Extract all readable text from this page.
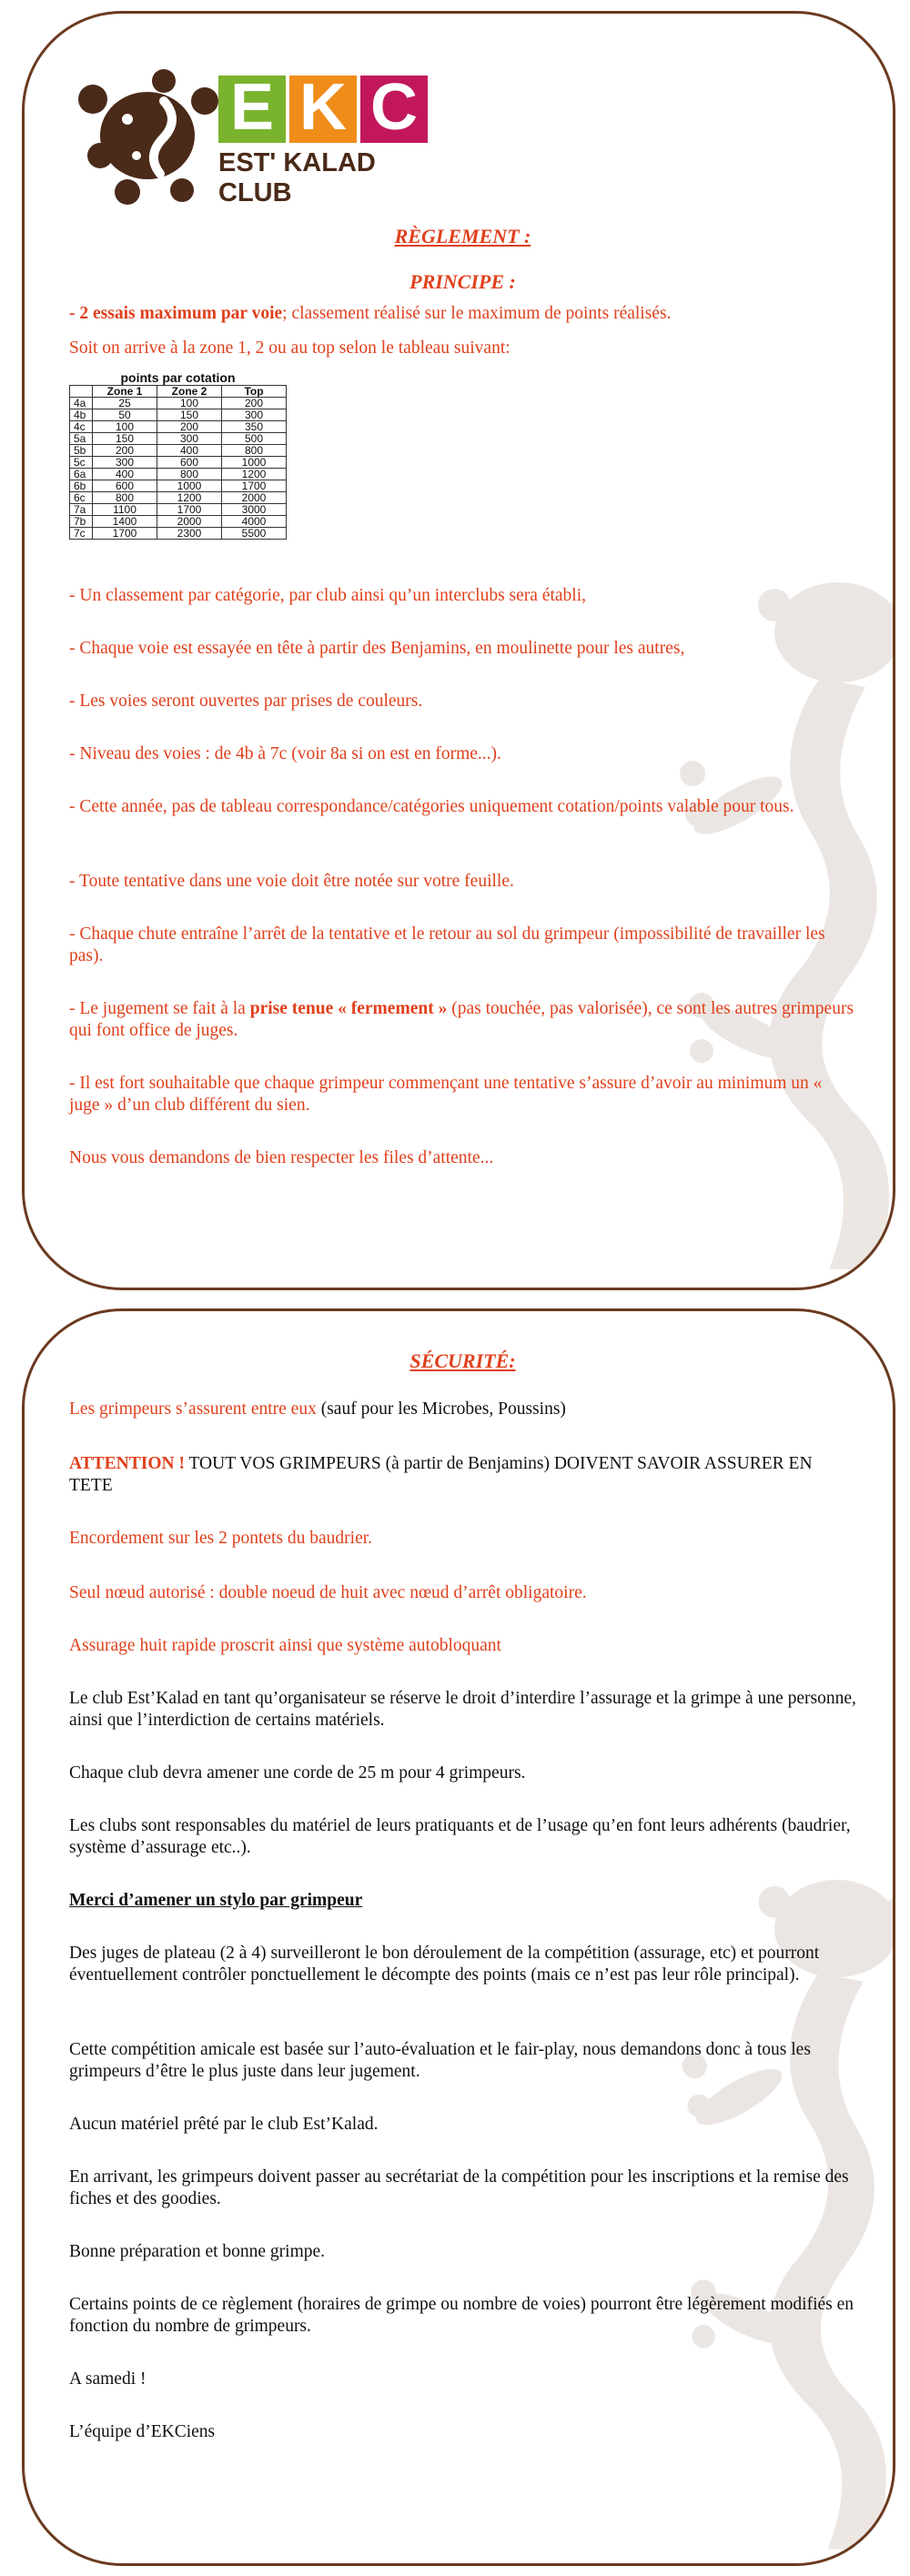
E K C
EST' KALAD CLUB
RÈGLEMENT :
PRINCIPE :

- 2 essais maximum par voie; classement réalisé sur le maximum de points réalisés.

Soit on arrive à la zone 1, 2 ou au top selon le tableau suivant:

points par cotation
	Zone 1	Zone 2	Top
4a	25	100	200
4b	50	150	300
4c	100	200	350
5a	150	300	500
5b	200	400	800
5c	300	600	1000
6a	400	800	1200
6b	600	1000	1700
6c	800	1200	2000
7a	1100	1700	3000
7b	1400	2000	4000
7c	1700	2300	5500

- Un classement par catégorie, par club ainsi qu’un interclubs sera établi,

- Chaque voie est essayée en tête à partir des Benjamins, en moulinette pour les autres,

- Les voies seront ouvertes par prises de couleurs.

- Niveau des voies : de 4b à 7c (voir 8a si on est en forme...).

- Cette année, pas de tableau correspondance/catégories uniquement cotation/points valable pour tous.

- Toute tentative dans une voie doit être notée sur votre feuille.

- Chaque chute entraîne l’arrêt de la tentative et le retour au sol du grimpeur (impossibilité de travailler les pas).

- Le jugement se fait à la prise tenue « fermement » (pas touchée, pas valorisée), ce sont les autres grimpeurs qui font office de juges.

- Il est fort souhaitable que chaque grimpeur commençant une tentative s’assure d’avoir au minimum un « juge » d’un club différent du sien.

Nous vous demandons de bien respecter les files d’attente...

SÉCURITÉ:

Les grimpeurs s’assurent entre eux (sauf pour les Microbes, Poussins)

ATTENTION ! TOUT VOS GRIMPEURS (à partir de Benjamins) DOIVENT SAVOIR ASSURER EN TETE

Encordement sur les 2 pontets du baudrier.

Seul nœud autorisé : double noeud de huit avec nœud d’arrêt obligatoire.

Assurage huit rapide proscrit ainsi que système autobloquant

Le club Est’Kalad en tant qu’organisateur se réserve le droit d’interdire l’assurage et la grimpe à une personne, ainsi que l’interdiction de certains matériels.

Chaque club devra amener une corde de 25 m pour 4 grimpeurs.

Les clubs sont responsables du matériel de leurs pratiquants et de l’usage qu’en font leurs adhérents (baudrier, système d’assurage etc..).

Merci d’amener un stylo par grimpeur

Des juges de plateau (2 à 4) surveilleront le bon déroulement de la compétition (assurage, etc) et pourront éventuellement contrôler ponctuellement le décompte des points (mais ce n’est pas leur rôle principal).

Cette compétition amicale est basée sur l’auto-évaluation et le fair-play, nous demandons donc à tous les grimpeurs d’être le plus juste dans leur jugement.

Aucun matériel prêté par le club Est’Kalad.

En arrivant, les grimpeurs doivent passer au secrétariat de la compétition pour les inscriptions et la remise des fiches et des goodies.

Bonne préparation et bonne grimpe.

Certains points de ce règlement (horaires de grimpe ou nombre de voies) pourront être légèrement modifiés en fonction du nombre de grimpeurs.

A samedi !

L’équipe d’EKCiens
